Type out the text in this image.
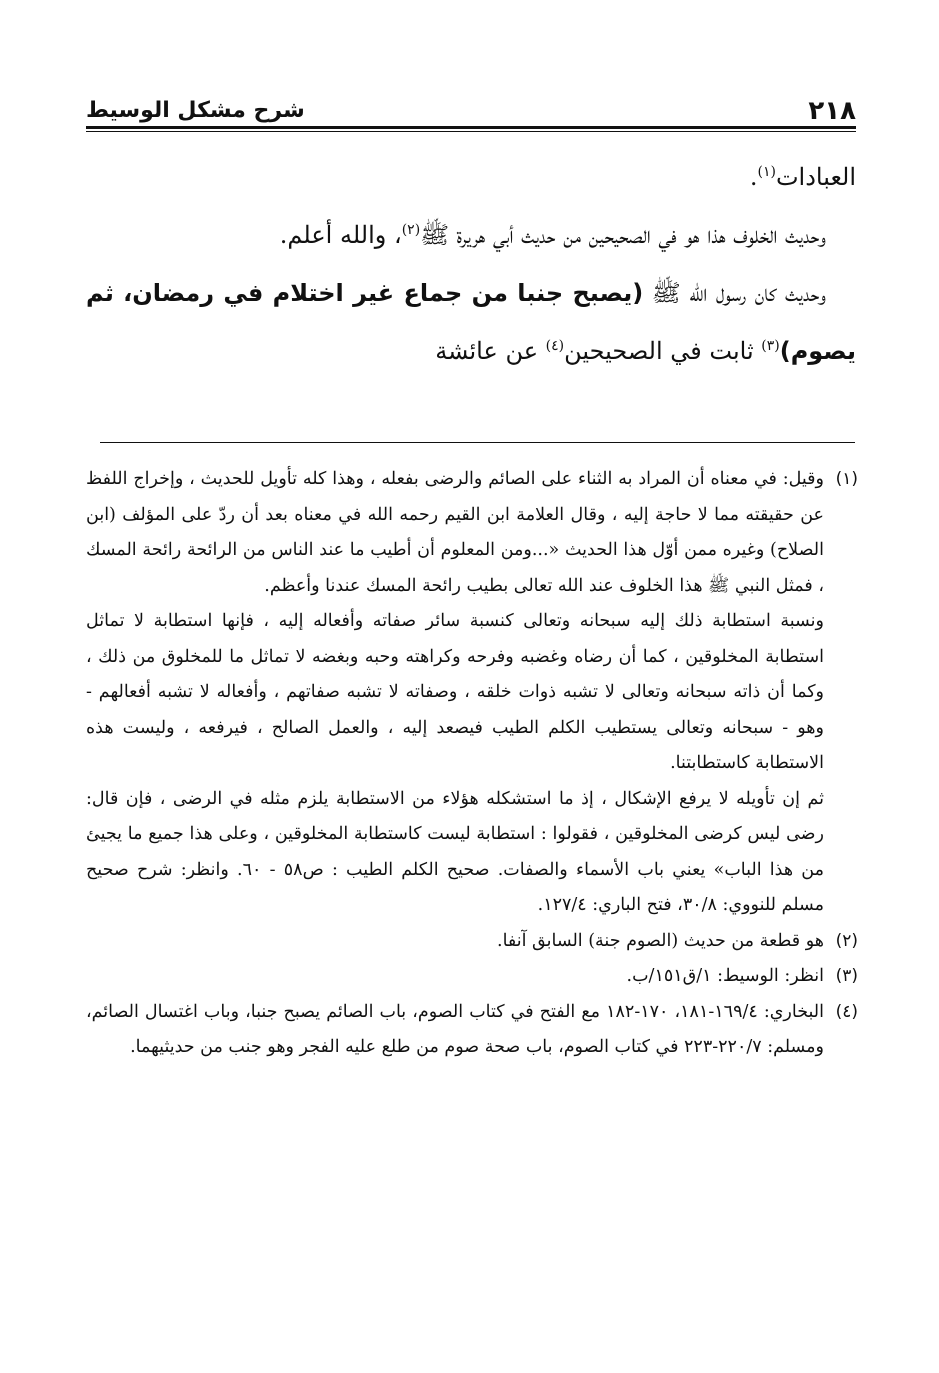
٢١٨
شرح مشكل الوسيط

العبادات$^{(١)}$.

وحديث الخلوف هذا هو في الصحيحين من حديث أبي هريرة ﷺ$^{(٢)}$، والله أعلم.

وحديث كان رسول الله ﷺ (يصبح جنبا من جماع غير اختلام في رمضان، ثم يصوم)$^{(٣)}$ ثابت في الصحيحين$^{(٤)}$ عن عائشة

(١)

وقيل: في معناه أن المراد به الثناء على الصائم والرضى بفعله ، وهذا كله تأويل للحديث ، وإخراج اللفظ عن حقيقته مما لا حاجة إليه ، وقال العلامة ابن القيم رحمه الله في معناه بعد أن ردّ على المؤلف (ابن الصلاح) وغيره ممن أوّل هذا الحديث «...ومن المعلوم أن أطيب ما عند الناس من الرائحة رائحة المسك ، فمثل النبي ﷺ هذا الخلوف عند الله تعالى بطيب رائحة المسك عندنا وأعظم.

ونسبة استطابة ذلك إليه سبحانه وتعالى كنسبة سائر صفاته وأفعاله إليه ، فإنها استطابة لا تماثل استطابة المخلوقين ، كما أن رضاه وغضبه وفرحه وكراهته وحبه وبغضه لا تماثل ما للمخلوق من ذلك ، وكما أن ذاته سبحانه وتعالى لا تشبه ذوات خلقه ، وصفاته لا تشبه صفاتهم ، وأفعاله لا تشبه أفعالهم - وهو - سبحانه وتعالى يستطيب الكلم الطيب فيصعد إليه ، والعمل الصالح ، فيرفعه ، وليست هذه الاستطابة كاستطابتنا.

ثم إن تأويله لا يرفع الإشكال ، إذ ما استشكله هؤلاء من الاستطابة يلزم مثله في الرضى ، فإن قال: رضى ليس كرضى المخلوقين ، فقولوا : استطابة ليست كاستطابة المخلوقين ، وعلى هذا جميع ما يجيئ من هذا الباب» يعني باب الأسماء والصفات. صحيح الكلم الطيب : ص٥٨ - ٦٠. وانظر: شرح صحيح مسلم للنووي: ٣٠/٨، فتح الباري: ١٢٧/٤.

(٢)

هو قطعة من حديث (الصوم جنة) السابق آنفا.

(٣)

انظر: الوسيط: ١/ق١٥١/ب.

(٤)

البخاري: ١٦٩/٤-١٨١، ١٧٠-١٨٢ مع الفتح في كتاب الصوم، باب الصائم يصبح جنبا، وباب اغتسال الصائم، ومسلم: ٢٢٠/٧-٢٢٣ في كتاب الصوم، باب صحة صوم من طلع عليه الفجر وهو جنب من حديثيهما.
